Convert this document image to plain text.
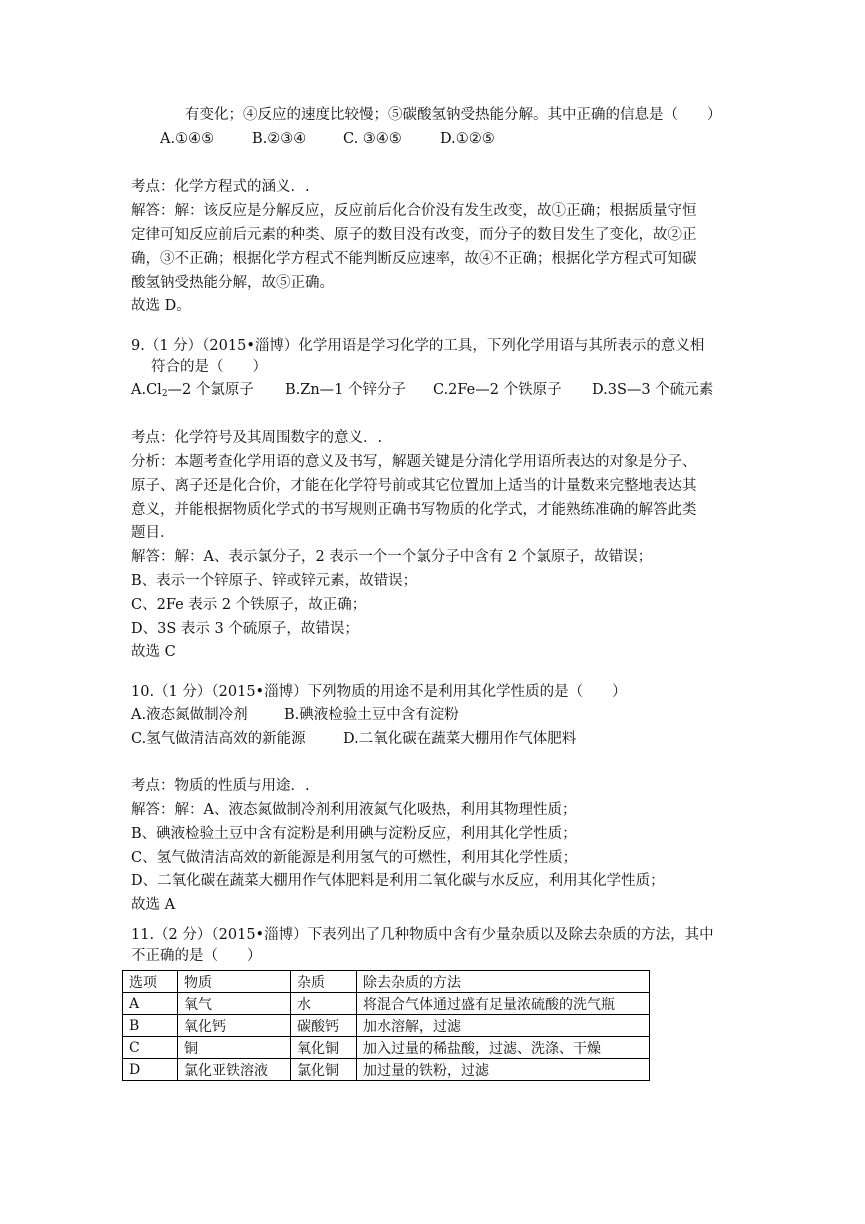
有变化；④反应的速度比较慢；⑤碳酸氢钠受热能分解。其中正确的信息是（　　）
A.①④⑤	B.②③④	C. ③④⑤	D.①②⑤
考点：化学方程式的涵义．.
解答：解：该反应是分解反应，反应前后化合价没有发生改变，故①正确；根据质量守恒
定律可知反应前后元素的种类、原子的数目没有改变，而分子的数目发生了变化，故②正
确，③不正确；根据化学方程式不能判断反应速率，故④不正确；根据化学方程式可知碳
酸氢钠受热能分解，故⑤正确。
故选 D。
9.（1 分）（2015•淄博）化学用语是学习化学的工具，下列化学用语与其所表示的意义相
符合的是（　　）
$A.Cl_2—2$ 个氯原子 B.Zn—1 个锌分子 C.2Fe—2 个铁原子 D.3S—3 个硫元素
考点：化学符号及其周围数字的意义．.
分析：本题考查化学用语的意义及书写，解题关键是分清化学用语所表达的对象是分子、
原子、离子还是化合价，才能在化学符号前或其它位置加上适当的计量数来完整地表达其
意义，并能根据物质化学式的书写规则正确书写物质的化学式，才能熟练准确的解答此类
题目．
解答：解：A、表示氯分子，2 表示一个一个氯分子中含有 2 个氯原子，故错误；
B、表示一个锌原子、锌或锌元素，故错误；
C、2Fe 表示 2 个铁原子，故正确；
D、3S 表示 3 个硫原子，故错误；
故选 C
10.（1 分）（2015•淄博）下列物质的用途不是利用其化学性质的是（　　）
A.液态氮做制冷剂	B.碘液检验土豆中含有淀粉
C.氢气做清洁高效的新能源	D.二氧化碳在蔬菜大棚用作气体肥料
考点：物质的性质与用途．.
解答：解：A、液态氮做制冷剂利用液氮气化吸热，利用其物理性质；
B、碘液检验土豆中含有淀粉是利用碘与淀粉反应，利用其化学性质；
C、氢气做清洁高效的新能源是利用氢气的可燃性，利用其化学性质；
D、二氧化碳在蔬菜大棚用作气体肥料是利用二氧化碳与水反应，利用其化学性质；
故选 A
11.（2 分）（2015•淄博）下表列出了几种物质中含有少量杂质以及除去杂质的方法，其中
不正确的是（　　）
选项	物质	杂质	除去杂质的方法
A	氧气	水	将混合气体通过盛有足量浓硫酸的洗气瓶
B	氧化钙	碳酸钙	加水溶解，过滤
C	铜	氧化铜	加入过量的稀盐酸，过滤、洗涤、干燥
D	氯化亚铁溶液	氯化铜	加过量的铁粉，过滤
